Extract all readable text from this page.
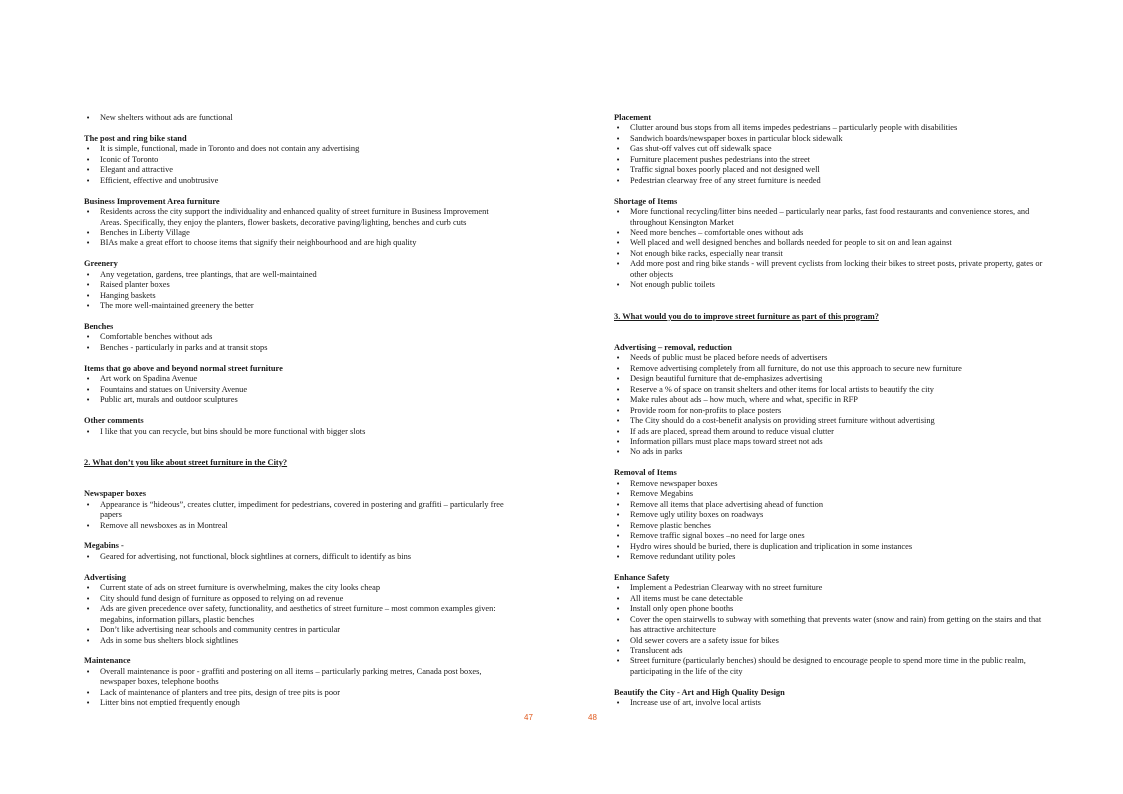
• New shelters without ads are functional
The post and ring bike stand
• It is simple, functional, made in Toronto and does not contain any advertising
• Iconic of Toronto
• Elegant and attractive
• Efficient, effective and unobtrusive
Business Improvement Area furniture
• Residents across the city support the individuality and enhanced quality of street furniture in Business Improvement Areas. Specifically, they enjoy the planters, flower baskets, decorative paving/lighting, benches and curb cuts
• Benches in Liberty Village
• BIAs make a great effort to choose items that signify their neighbourhood and are high quality
Greenery
• Any vegetation, gardens, tree plantings, that are well-maintained
• Raised planter boxes
• Hanging baskets
• The more well-maintained greenery the better
Benches
• Comfortable benches without ads
• Benches - particularly in parks and at transit stops
Items that go above and beyond normal street furniture
• Art work on Spadina Avenue
• Fountains and statues on University Avenue
• Public art, murals and outdoor sculptures
Other comments
• I like that you can recycle, but bins should be more functional with bigger slots
2. What don’t you like about street furniture in the City?
Newspaper boxes
• Appearance is “hideous”, creates clutter, impediment for pedestrians, covered in postering and graffiti – particularly free papers
• Remove all newsboxes as in Montreal
Megabins -
• Geared for advertising, not functional, block sightlines at corners, difficult to identify as bins
Advertising
• Current state of ads on street furniture is overwhelming, makes the city looks cheap
• City should fund design of furniture as opposed to relying on ad revenue
• Ads are given precedence over safety, functionality, and aesthetics of street furniture – most common examples given: megabins, information pillars, plastic benches
• Don’t like advertising near schools and community centres in particular
• Ads in some bus shelters block sightlines
Maintenance
• Overall maintenance is poor - graffiti and postering on all items – particularly parking metres, Canada post boxes, newspaper boxes, telephone booths
• Lack of maintenance of planters and tree pits, design of tree pits is poor
• Litter bins not emptied frequently enough
Placement
• Clutter around bus stops from all items impedes pedestrians – particularly people with disabilities
• Sandwich boards/newspaper boxes in particular block sidewalk
• Gas shut-off valves cut off sidewalk space
• Furniture placement pushes pedestrians into the street
• Traffic signal boxes poorly placed and not designed well
• Pedestrian clearway free of any street furniture is needed
Shortage of Items
• More functional recycling/litter bins needed – particularly near parks, fast food restaurants and convenience stores, and throughout Kensington Market
• Need more benches – comfortable ones without ads
• Well placed and well designed benches and bollards needed for people to sit on and lean against
• Not enough bike racks, especially near transit
• Add more post and ring bike stands - will prevent cyclists from locking their bikes to street posts, private property, gates or other objects
• Not enough public toilets
3. What would you do to improve street furniture as part of this program?
Advertising – removal, reduction
• Needs of public must be placed before needs of advertisers
• Remove advertising completely from all furniture, do not use this approach to secure new furniture
• Design beautiful furniture that de-emphasizes advertising
• Reserve a % of space on transit shelters and other items for local artists to beautify the city
• Make rules about ads – how much, where and what, specific in RFP
• Provide room for non-profits to place posters
• The City should do a cost-benefit analysis on providing street furniture without advertising
• If ads are placed, spread them around to reduce visual clutter
• Information pillars must place maps toward street not ads
• No ads in parks
Removal of Items
• Remove newspaper boxes
• Remove Megabins
• Remove all items that place advertising ahead of function
• Remove ugly utility boxes on roadways
• Remove plastic benches
• Remove traffic signal boxes –no need for large ones
• Hydro wires should be buried, there is duplication and triplication in some instances
• Remove redundant utility poles
Enhance Safety
• Implement a Pedestrian Clearway with no street furniture
• All items must be cane detectable
• Install only open phone booths
• Cover the open stairwells to subway with something that prevents water (snow and rain) from getting on the stairs and that has attractive architecture
• Old sewer covers are a safety issue for bikes
• Translucent ads
• Street furniture (particularly benches) should be designed to encourage people to spend more time in the public realm, participating in the life of the city
Beautify the City - Art and High Quality Design
• Increase use of art, involve local artists
47	48
